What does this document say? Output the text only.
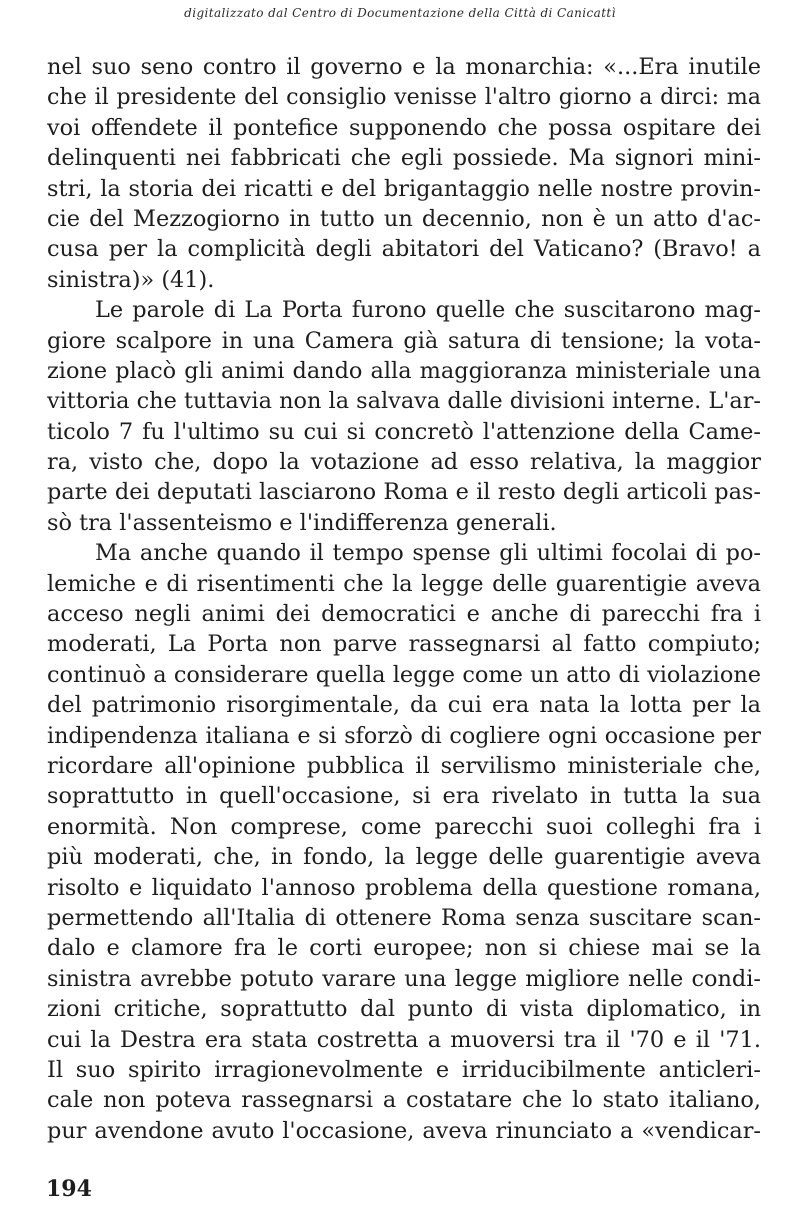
digitalizzato dal Centro di Documentazione della Città di Canicattì
nel suo seno contro il governo e la monarchia: «...Era inutile
che il presidente del consiglio venisse l'altro giorno a dirci: ma
voi offendete il pontefice supponendo che possa ospitare dei
delinquenti nei fabbricati che egli possiede. Ma signori mini-
stri, la storia dei ricatti e del brigantaggio nelle nostre provin-
cie del Mezzogiorno in tutto un decennio, non è un atto d'ac-
cusa per la complicità degli abitatori del Vaticano? (Bravo! a
sinistra)» (41).
Le parole di La Porta furono quelle che suscitarono mag-
giore scalpore in una Camera già satura di tensione; la vota-
zione placò gli animi dando alla maggioranza ministeriale una
vittoria che tuttavia non la salvava dalle divisioni interne. L'ar-
ticolo 7 fu l'ultimo su cui si concretò l'attenzione della Came-
ra, visto che, dopo la votazione ad esso relativa, la maggior
parte dei deputati lasciarono Roma e il resto degli articoli pas-
sò tra l'assenteismo e l'indifferenza generali.
Ma anche quando il tempo spense gli ultimi focolai di po-
lemiche e di risentimenti che la legge delle guarentigie aveva
acceso negli animi dei democratici e anche di parecchi fra i
moderati, La Porta non parve rassegnarsi al fatto compiuto;
continuò a considerare quella legge come un atto di violazione
del patrimonio risorgimentale, da cui era nata la lotta per la
indipendenza italiana e si sforzò di cogliere ogni occasione per
ricordare all'opinione pubblica il servilismo ministeriale che,
soprattutto in quell'occasione, si era rivelato in tutta la sua
enormità. Non comprese, come parecchi suoi colleghi fra i
più moderati, che, in fondo, la legge delle guarentigie aveva
risolto e liquidato l'annoso problema della questione romana,
permettendo all'Italia di ottenere Roma senza suscitare scan-
dalo e clamore fra le corti europee; non si chiese mai se la
sinistra avrebbe potuto varare una legge migliore nelle condi-
zioni critiche, soprattutto dal punto di vista diplomatico, in
cui la Destra era stata costretta a muoversi tra il '70 e il '71.
Il suo spirito irragionevolmente e irriducibilmente anticleri-
cale non poteva rassegnarsi a costatare che lo stato italiano,
pur avendone avuto l'occasione, aveva rinunciato a «vendicar-
194
